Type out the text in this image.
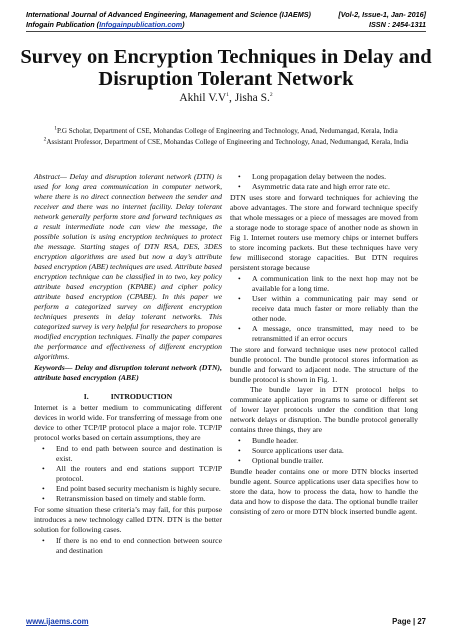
International Journal of Advanced Engineering, Management and Science (IJAEMS)	[Vol-2, Issue-1, Jan- 2016]
Infogain Publication (Infogainpublication.com)	ISSN : 2454-1311
Survey on Encryption Techniques in Delay and Disruption Tolerant Network
Akhil $V.V^1$, Jisha S.$^2$
$^1$P.G Scholar, Department of CSE, Mohandas College of Engineering and Technology, Anad, Nedumangad, Kerala, India
$^2$Assistant Professor, Department of CSE, Mohandas College of Engineering and Technology, Anad, Nedumangad, Kerala, India

Abstract— Delay and disruption tolerant network (DTN) is used for long area communication in computer network, where there is no direct connection between the sender and receiver and there was no internet facility. Delay tolerant network generally perform store and forward techniques as a result intermediate node can view the message, the possible solution is using encryption techniques to protect the message. Starting stages of DTN RSA, DES, 3DES encryption algorithms are used but now a day’s attribute based encryption (ABE) techniques are used. Attribute based encryption technique can be classified in to two, key policy attribute based encryption (KPABE) and cipher policy attribute based encryption (CPABE). In this paper we perform a categorized survey on different encryption techniques presents in delay tolerant networks. This categorized survey is very helpful for researchers to propose modified encryption techniques. Finally the paper compares the performance and effectiveness of different encryption algorithms.

Keywords— Delay and disruption tolerant network (DTN), attribute based encryption (ABE)

I.	INTRODUCTION

Internet is a better medium to communicating different devices in world wide. For transferring of message from one device to other TCP/IP protocol place a major role. TCP/IP protocol works based on certain assumptions, they are

• End to end path between source and destination is exist.
• All the routers and end stations support TCP/IP protocol.
• End point based security mechanism is highly secure.
• Retransmission based on timely and stable form.

For some situation these criteria’s may fail, for this purpose introduces a new technology called DTN. DTN is the better solution for following cases.

• If there is no end to end connection between source and destination
• Long propagation delay between the nodes.
• Asymmetric data rate and high error rate etc.

DTN uses store and forward techniques for achieving the above advantages. The store and forward technique specify that whole messages or a piece of messages are moved from a storage node to storage space of another node as shown in Fig 1. Internet routers use memory chips or internet buffers to store incoming packets. But these techniques have very few millisecond storage capacities. But DTN requires persistent storage because

• A communication link to the next hop may not be available for a long time.
• User within a communicating pair may send or receive data much faster or more reliably than the other node.
• A message, once transmitted, may need to be retransmitted if an error occurs

The store and forward technique uses new protocol called bundle protocol. The bundle protocol stores information as bundle and forward to adjacent node. The structure of the bundle protocol is shown in Fig. 1.

The bundle layer in DTN protocol helps to communicate application programs to same or different set of lower layer protocols under the condition that long network delays or disruption. The bundle protocol generally contains three things, they are

• Bundle header.
• Source applications user data.
• Optional bundle trailer.

Bundle header contains one or more DTN blocks inserted bundle agent. Source applications user data specifies how to store the data, how to process the data, how to handle the data and how to dispose the data. The optional bundle trailer consisting of zero or more DTN block inserted bundle agent.

www.ijaems.com	Page | 27
